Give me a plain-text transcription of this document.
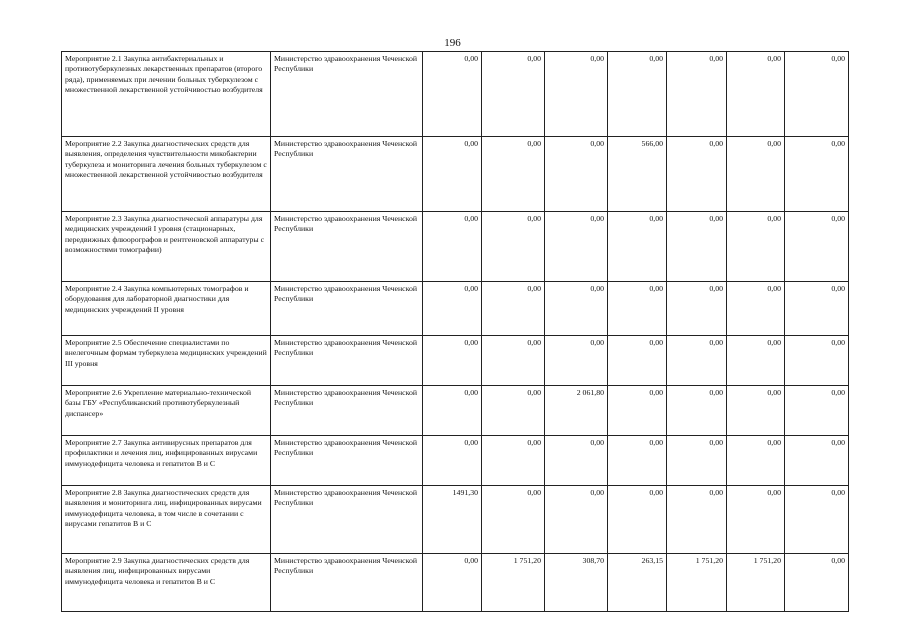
196
Мероприятие 2.1 Закупка антибактериальных и противотуберкулезных лекарственных препаратов (второго ряда), применяемых при лечении больных туберкулезом с множественной лекарственной устойчивостью возбудителя	Министерство здравоохранения Чеченской Республики	0,00	0,00	0,00	0,00	0,00	0,00	0,00
Мероприятие 2.2 Закупка диагностических средств для выявления, определения чувствительности микобактерии туберкулеза и мониторинга лечения больных туберкулезом с множественной лекарственной устойчивостью возбудителя	Министерство здравоохранения Чеченской Республики	0,00	0,00	0,00	566,00	0,00	0,00	0,00
Мероприятие 2.3 Закупка диагностической аппаратуры для медицинских учреждений I уровня (стационарных, передвижных флюорографов и рентгеновской аппаратуры с возможностями томографии)	Министерство здравоохранения Чеченской Республики	0,00	0,00	0,00	0,00	0,00	0,00	0,00
Мероприятие 2.4 Закупка компьютерных томографов и оборудования для лабораторной диагностики для медицинских учреждений II уровня	Министерство здравоохранения Чеченской Республики	0,00	0,00	0,00	0,00	0,00	0,00	0,00
Мероприятие 2.5 Обеспечение специалистами по внелегочным формам туберкулеза медицинских учреждений III уровня	Министерство здравоохранения Чеченской Республики	0,00	0,00	0,00	0,00	0,00	0,00	0,00
Мероприятие 2.6 Укрепление материально-технической базы ГБУ «Республиканский противотуберкулезный диспансер»	Министерство здравоохранения Чеченской Республики	0,00	0,00	2 061,80	0,00	0,00	0,00	0,00
Мероприятие 2.7 Закупка антивирусных препаратов для профилактики и лечения лиц, инфицированных вирусами иммунодефицита человека и гепатитов В и С	Министерство здравоохранения Чеченской Республики	0,00	0,00	0,00	0,00	0,00	0,00	0,00
Мероприятие 2.8 Закупка диагностических средств для выявления и мониторинга лиц, инфицированных вирусами иммунодефицита человека, в том числе в сочетании с вирусами гепатитов В и С	Министерство здравоохранения Чеченской Республики	1491,30	0,00	0,00	0,00	0,00	0,00	0,00
Мероприятие 2.9 Закупка диагностических средств для выявления лиц, инфицированных вирусами иммунодефицита человека и гепатитов В и С	Министерство здравоохранения Чеченской Республики	0,00	1 751,20	308,70	263,15	1 751,20	1 751,20	0,00
